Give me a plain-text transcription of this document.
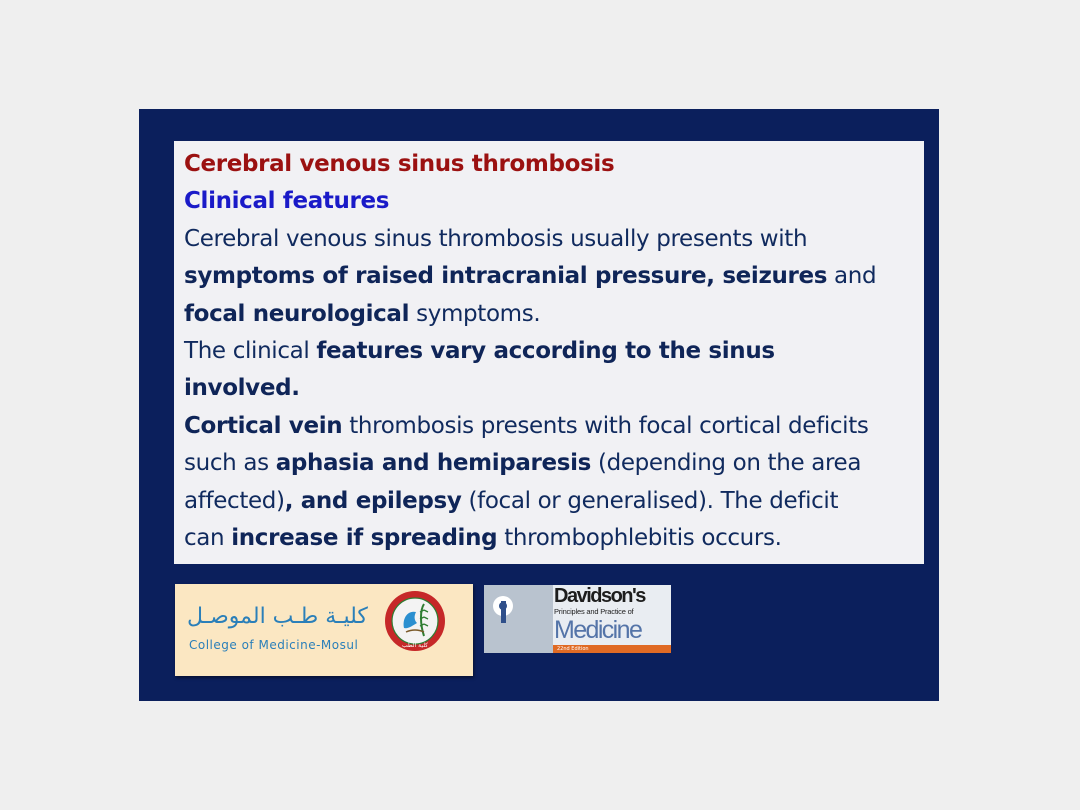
Cerebral venous sinus thrombosis
Clinical features
Cerebral venous sinus thrombosis usually presents with
symptoms of raised intracranial pressure, seizures and
focal neurological symptoms.
The clinical features vary according to the sinus
involved.
Cortical vein thrombosis presents with focal cortical deficits
such as aphasia and hemiparesis (depending on the area
affected), and epilepsy (focal or generalised). The deficit
can increase if spreading thrombophlebitis occurs.
كليـة طـب الموصـل
College of Medicine-Mosul	كلية الطب
Davidson's
Principles and Practice of
Medicine
22nd Edition
